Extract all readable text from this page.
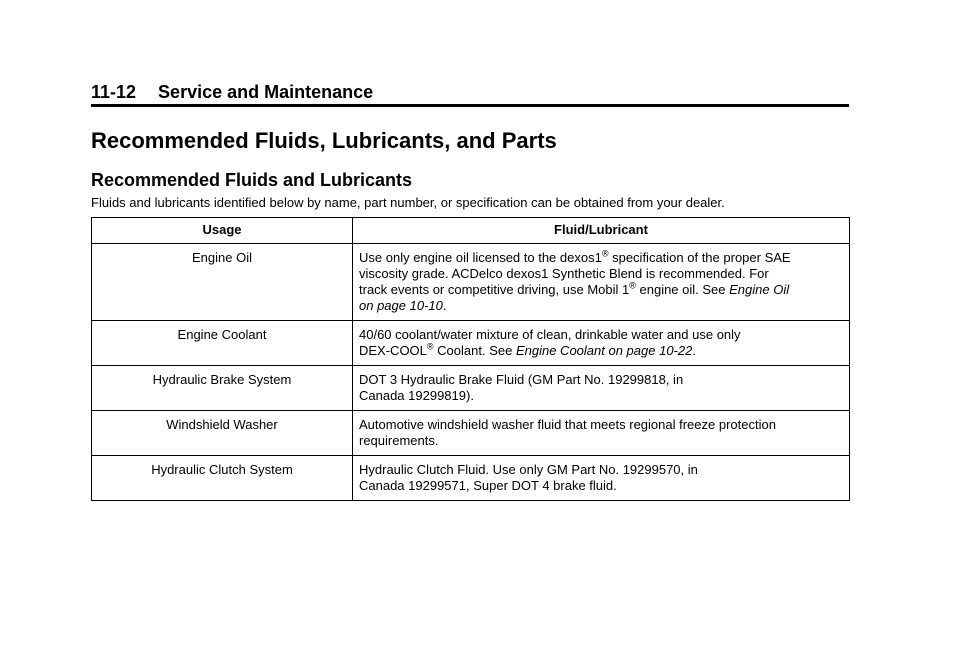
11-12 Service and Maintenance
Recommended Fluids, Lubricants, and Parts
Recommended Fluids and Lubricants

Fluids and lubricants identified below by name, part number, or specification can be obtained from your dealer.

Usage	Fluid/Lubricant
Engine Oil	Use only engine oil licensed to the dexos1® specification of the proper SAE
viscosity grade. ACDelco dexos1 Synthetic Blend is recommended. For
track events or competitive driving, use Mobil 1® engine oil. See Engine Oil
on page 10-10.
Engine Coolant	40/60 coolant/water mixture of clean, drinkable water and use only
DEX-COOL® Coolant. See Engine Coolant on page 10-22.
Hydraulic Brake System	DOT 3 Hydraulic Brake Fluid (GM Part No. 19299818, in
Canada 19299819).
Windshield Washer	Automotive windshield washer fluid that meets regional freeze protection
requirements.
Hydraulic Clutch System	Hydraulic Clutch Fluid. Use only GM Part No. 19299570, in
Canada 19299571, Super DOT 4 brake fluid.
